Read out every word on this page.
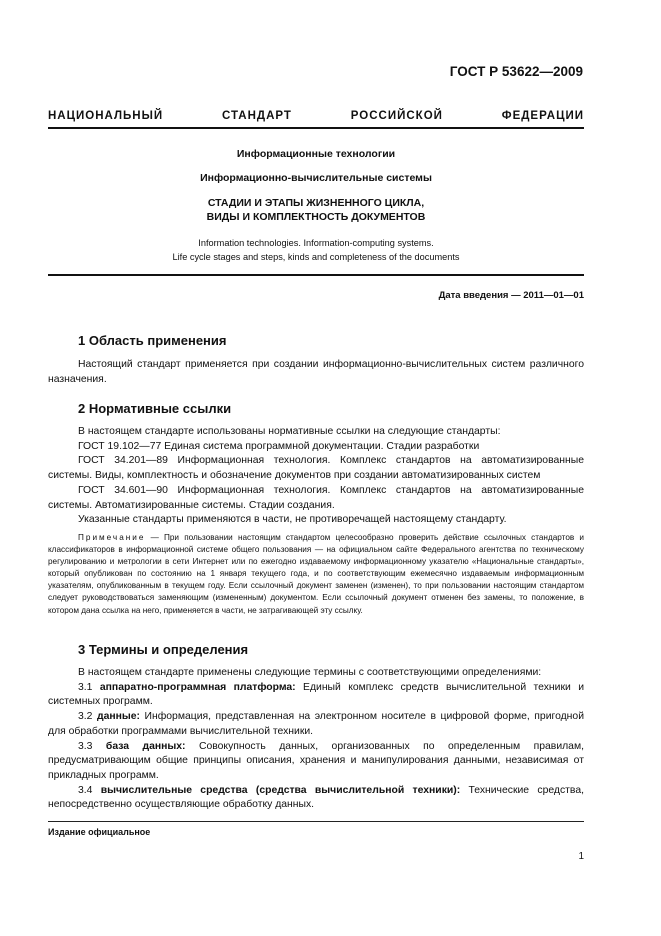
ГОСТ Р 53622—2009
НАЦИОНАЛЬНЫЙ СТАНДАРТ РОССИЙСКОЙ ФЕДЕРАЦИИ
Информационные технологии
Информационно-вычислительные системы
СТАДИИ И ЭТАПЫ ЖИЗНЕННОГО ЦИКЛА,
ВИДЫ И КОМПЛЕКТНОСТЬ ДОКУМЕНТОВ
Information technologies. Information-computing systems.
Life cycle stages and steps, kinds and completeness of the documents
Дата введения — 2011—01—01
1 Область применения

Настоящий стандарт применяется при создании информационно-вычислительных систем различного назначения.

2 Нормативные ссылки

В настоящем стандарте использованы нормативные ссылки на следующие стандарты:

ГОСТ 19.102—77 Единая система программной документации. Стадии разработки

ГОСТ 34.201—89 Информационная технология. Комплекс стандартов на автоматизированные системы. Виды, комплектность и обозначение документов при создании автоматизированных систем

ГОСТ 34.601—90 Информационная технология. Комплекс стандартов на автоматизированные системы. Автоматизированные системы. Стадии создания.

Указанные стандарты применяются в части, не противоречащей настоящему стандарту.

Примечание — При пользовании настоящим стандартом целесообразно проверить действие ссылочных стандартов и классификаторов в информационной системе общего пользования — на официальном сайте Федерального агентства по техническому регулированию и метрологии в сети Интернет или по ежегодно издаваемому информационному указателю «Национальные стандарты», который опубликован по состоянию на 1 января текущего года, и по соответствующим ежемесячно издаваемым информационным указателям, опубликованным в текущем году. Если ссылочный документ заменен (изменен), то при пользовании настоящим стандартом следует руководствоваться заменяющим (измененным) документом. Если ссылочный документ отменен без замены, то положение, в котором дана ссылка на него, применяется в части, не затрагивающей эту ссылку.

3 Термины и определения

В настоящем стандарте применены следующие термины с соответствующими определениями:

3.1 аппаратно-программная платформа: Единый комплекс средств вычислительной техники и системных программ.

3.2 данные: Информация, представленная на электронном носителе в цифровой форме, пригодной для обработки программами вычислительной техники.

3.3 база данных: Совокупность данных, организованных по определенным правилам, предусматривающим общие принципы описания, хранения и манипулирования данными, независимая от прикладных программ.

3.4 вычислительные средства (средства вычислительной техники): Технические средства, непосредственно осуществляющие обработку данных.

Издание официальное
1
